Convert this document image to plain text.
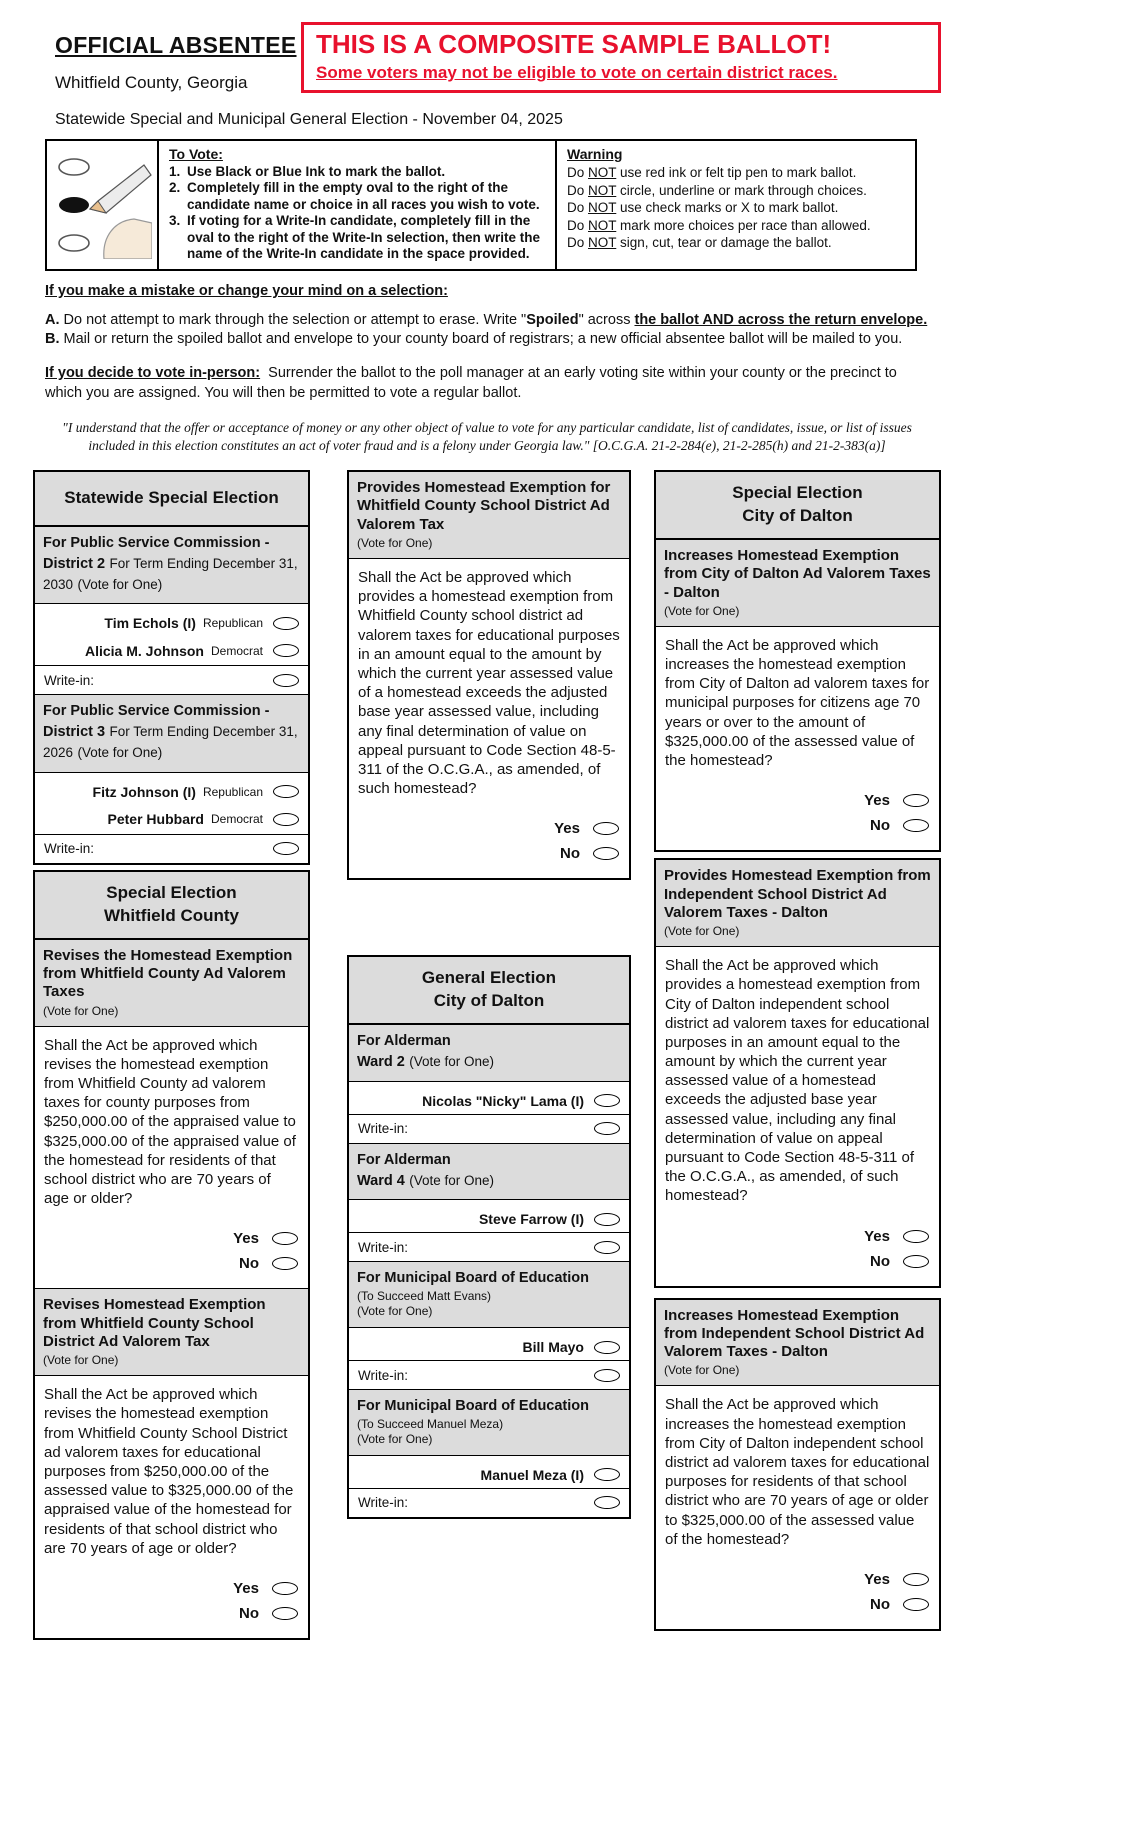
OFFICIAL ABSENTEE
Whitfield County, Georgia
THIS IS A COMPOSITE SAMPLE BALLOT!
Some voters may not be eligible to vote on certain district races.
Statewide Special and Municipal General Election - November 04, 2025
To Vote:
1. Use Black or Blue Ink to mark the ballot.
2. Completely fill in the empty oval to the right of the candidate name or choice in all races you wish to vote.
3. If voting for a Write-In candidate, completely fill in the oval to the right of the Write-In selection, then write the name of the Write-In candidate in the space provided.
Warning
Do NOT use red ink or felt tip pen to mark ballot.
Do NOT circle, underline or mark through choices.
Do NOT use check marks or X to mark ballot.
Do NOT mark more choices per race than allowed.
Do NOT sign, cut, tear or damage the ballot.
If you make a mistake or change your mind on a selection:

A. Do not attempt to mark through the selection or attempt to erase. Write "Spoiled" across the ballot AND across the return envelope.

B. Mail or return the spoiled ballot and envelope to your county board of registrars; a new official absentee ballot will be mailed to you.

If you decide to vote in-person:  Surrender the ballot to the poll manager at an early voting site within your county or the precinct to which you are assigned. You will then be permitted to vote a regular ballot.

"I understand that the offer or acceptance of money or any other object of value to vote for any particular candidate, list of candidates, issue, or list of issues included in this election constitutes an act of voter fraud and is a felony under Georgia law." [O.C.G.A. 21-2-284(e), 21-2-285(h) and 21-2-383(a)]

Statewide Special Election
For Public Service Commission - District 2 For Term Ending December 31, 2030 (Vote for One)
Tim Echols (I) Republican
Alicia M. Johnson Democrat
Write-in:
For Public Service Commission - District 3 For Term Ending December 31, 2026 (Vote for One)
Fitz Johnson (I) Republican
Peter Hubbard Democrat
Write-in:
Special Election
Whitfield County
Revises the Homestead Exemption from Whitfield County Ad Valorem Taxes
(Vote for One)
Shall the Act be approved which revises the homestead exemption from Whitfield County ad valorem taxes for county purposes from $250,000.00 of the appraised value to $325,000.00 of the appraised value of the homestead for residents of that school district who are 70 years of age or older?
Yes
No
Revises Homestead Exemption from Whitfield County School District Ad Valorem Tax
(Vote for One)
Shall the Act be approved which revises the homestead exemption from Whitfield County School District ad valorem taxes for educational purposes from $250,000.00 of the assessed value to $325,000.00 of the appraised value of the homestead for residents of that school district who are 70 years of age or older?
Yes
No
Provides Homestead Exemption for Whitfield County School District Ad Valorem Tax
(Vote for One)
Shall the Act be approved which provides a homestead exemption from Whitfield County school district ad valorem taxes for educational purposes in an amount equal to the amount by which the current year assessed value of a homestead exceeds the adjusted base year assessed value, including any final determination of value on appeal pursuant to Code Section 48-5-311 of the O.C.G.A., as amended, of such homestead?
Yes
No
General Election
City of Dalton
For Alderman
Ward 2 (Vote for One)
Nicolas "Nicky" Lama (I)
Write-in:
For Alderman
Ward 4 (Vote for One)
Steve Farrow (I)
Write-in:
For Municipal Board of Education
(To Succeed Matt Evans)
(Vote for One)
Bill Mayo
Write-in:
For Municipal Board of Education
(To Succeed Manuel Meza)
(Vote for One)
Manuel Meza (I)
Write-in:
Special Election
City of Dalton
Increases Homestead Exemption from City of Dalton Ad Valorem Taxes - Dalton
(Vote for One)
Shall the Act be approved which increases the homestead exemption from City of Dalton ad valorem taxes for municipal purposes for citizens age 70 years or over to the amount of $325,000.00 of the assessed value of the homestead?
Yes
No
Provides Homestead Exemption from Independent School District Ad Valorem Taxes - Dalton
(Vote for One)
Shall the Act be approved which provides a homestead exemption from City of Dalton independent school district ad valorem taxes for educational purposes in an amount equal to the amount by which the current year assessed value of a homestead exceeds the adjusted base year assessed value, including any final determination of value on appeal pursuant to Code Section 48-5-311 of the O.C.G.A., as amended, of such homestead?
Yes
No
Increases Homestead Exemption from Independent School District Ad Valorem Taxes - Dalton
(Vote for One)
Shall the Act be approved which increases the homestead exemption from City of Dalton independent school district ad valorem taxes for educational purposes for residents of that school district who are 70 years of age or older to $325,000.00 of the assessed value of the homestead?
Yes
No
